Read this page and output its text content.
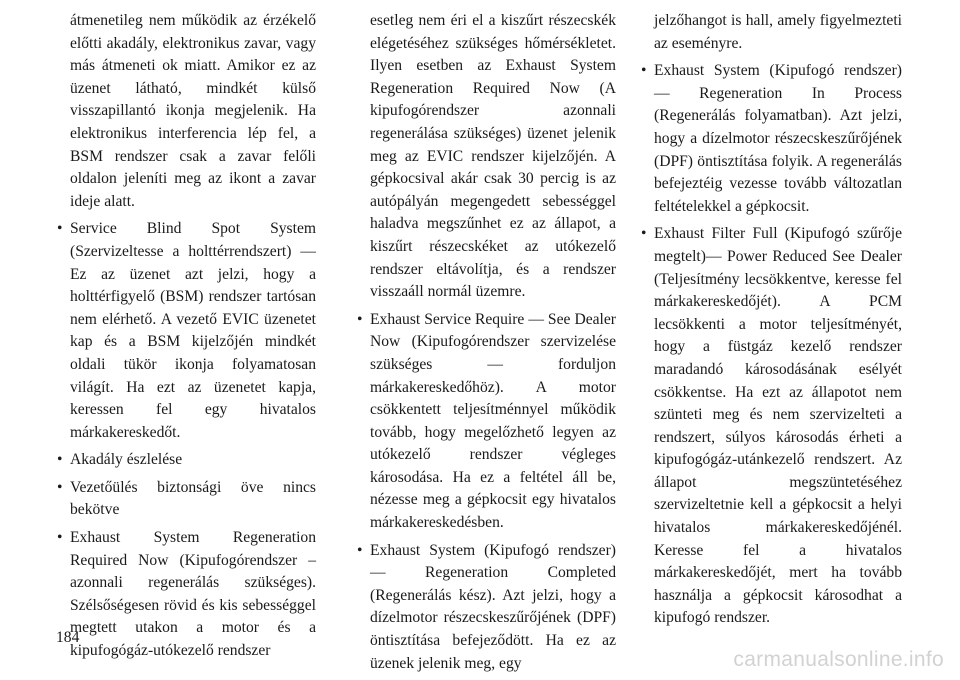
átmenetileg nem működik az érzékelő előtti akadály, elektronikus zavar, vagy más átmeneti ok miatt. Amikor ez az üzenet látható, mindkét külső visszapillantó ikonja megjelenik. Ha elektronikus interferencia lép fel, a BSM rendszer csak a zavar felőli oldalon jeleníti meg az ikont a zavar ideje alatt.

• Service Blind Spot System (Szervizeltesse a holttérrendszert) — Ez az üzenet azt jelzi, hogy a holttérfigyelő (BSM) rendszer tartósan nem elérhető. A vezető EVIC üzenetet kap és a BSM kijelzőjén mindkét oldali tükör ikonja folyamatosan világít. Ha ezt az üzenetet kapja, keressen fel egy hivatalos márkakereskedőt.
• Akadály észlelése
• Vezetőülés biztonsági öve nincs bekötve
• Exhaust System Regeneration Required Now (Kipufogórendszer – azonnali regenerálás szükséges). Szélsőségesen rövid és kis sebességgel megtett utakon a motor és a kipufogógáz-utókezelő rendszer

esetleg nem éri el a kiszűrt részecskék elégetéséhez szükséges hőmérsékletet. Ilyen esetben az Exhaust System Regeneration Required Now (A kipufogórendszer azonnali regenerálása szükséges) üzenet jelenik meg az EVIC rendszer kijelzőjén. A gépkocsival akár csak 30 percig is az autópályán megengedett sebességgel haladva megszűnhet ez az állapot, a kiszűrt részecskéket az utókezelő rendszer eltávolítja, és a rendszer visszaáll normál üzemre.

• Exhaust Service Require — See Dealer Now (Kipufogórendszer szervizelése szükséges — forduljon márkakereskedőhöz). A motor csökkentett teljesítménnyel működik tovább, hogy megelőzhető legyen az utókezelő rendszer végleges károsodása. Ha ez a feltétel áll be, nézesse meg a gépkocsit egy hivatalos márkakereskedésben.
• Exhaust System (Kipufogó rendszer) — Regeneration Completed (Regenerálás kész). Azt jelzi, hogy a dízelmotor részecskeszűrőjének (DPF) öntisztítása befejeződött. Ha ez az üzenek jelenik meg, egy

jelzőhangot is hall, amely figyelmezteti az eseményre.

• Exhaust System (Kipufogó rendszer) — Regeneration In Process (Regenerálás folyamatban). Azt jelzi, hogy a dízelmotor részecskeszűrőjének (DPF) öntisztítása folyik. A regenerálás befejeztéig vezesse tovább változatlan feltételekkel a gépkocsit.
• Exhaust Filter Full (Kipufogó szűrője megtelt)— Power Reduced See Dealer (Teljesítmény lecsökkentve, keresse fel márkakereskedőjét). A PCM lecsökkenti a motor teljesítményét, hogy a füstgáz kezelő rendszer maradandó károsodásának esélyét csökkentse. Ha ezt az állapotot nem szünteti meg és nem szervizelteti a rendszert, súlyos károsodás érheti a kipufogógáz-utánkezelő rendszert. Az állapot megszüntetéséhez szervizeltetnie kell a gépkocsit a helyi hivatalos márkakereskedőjénél. Keresse fel a hivatalos márkakereskedőjét, mert ha tovább használja a gépkocsit károsodhat a kipufogó rendszer.
184
carmanualsonline.info
